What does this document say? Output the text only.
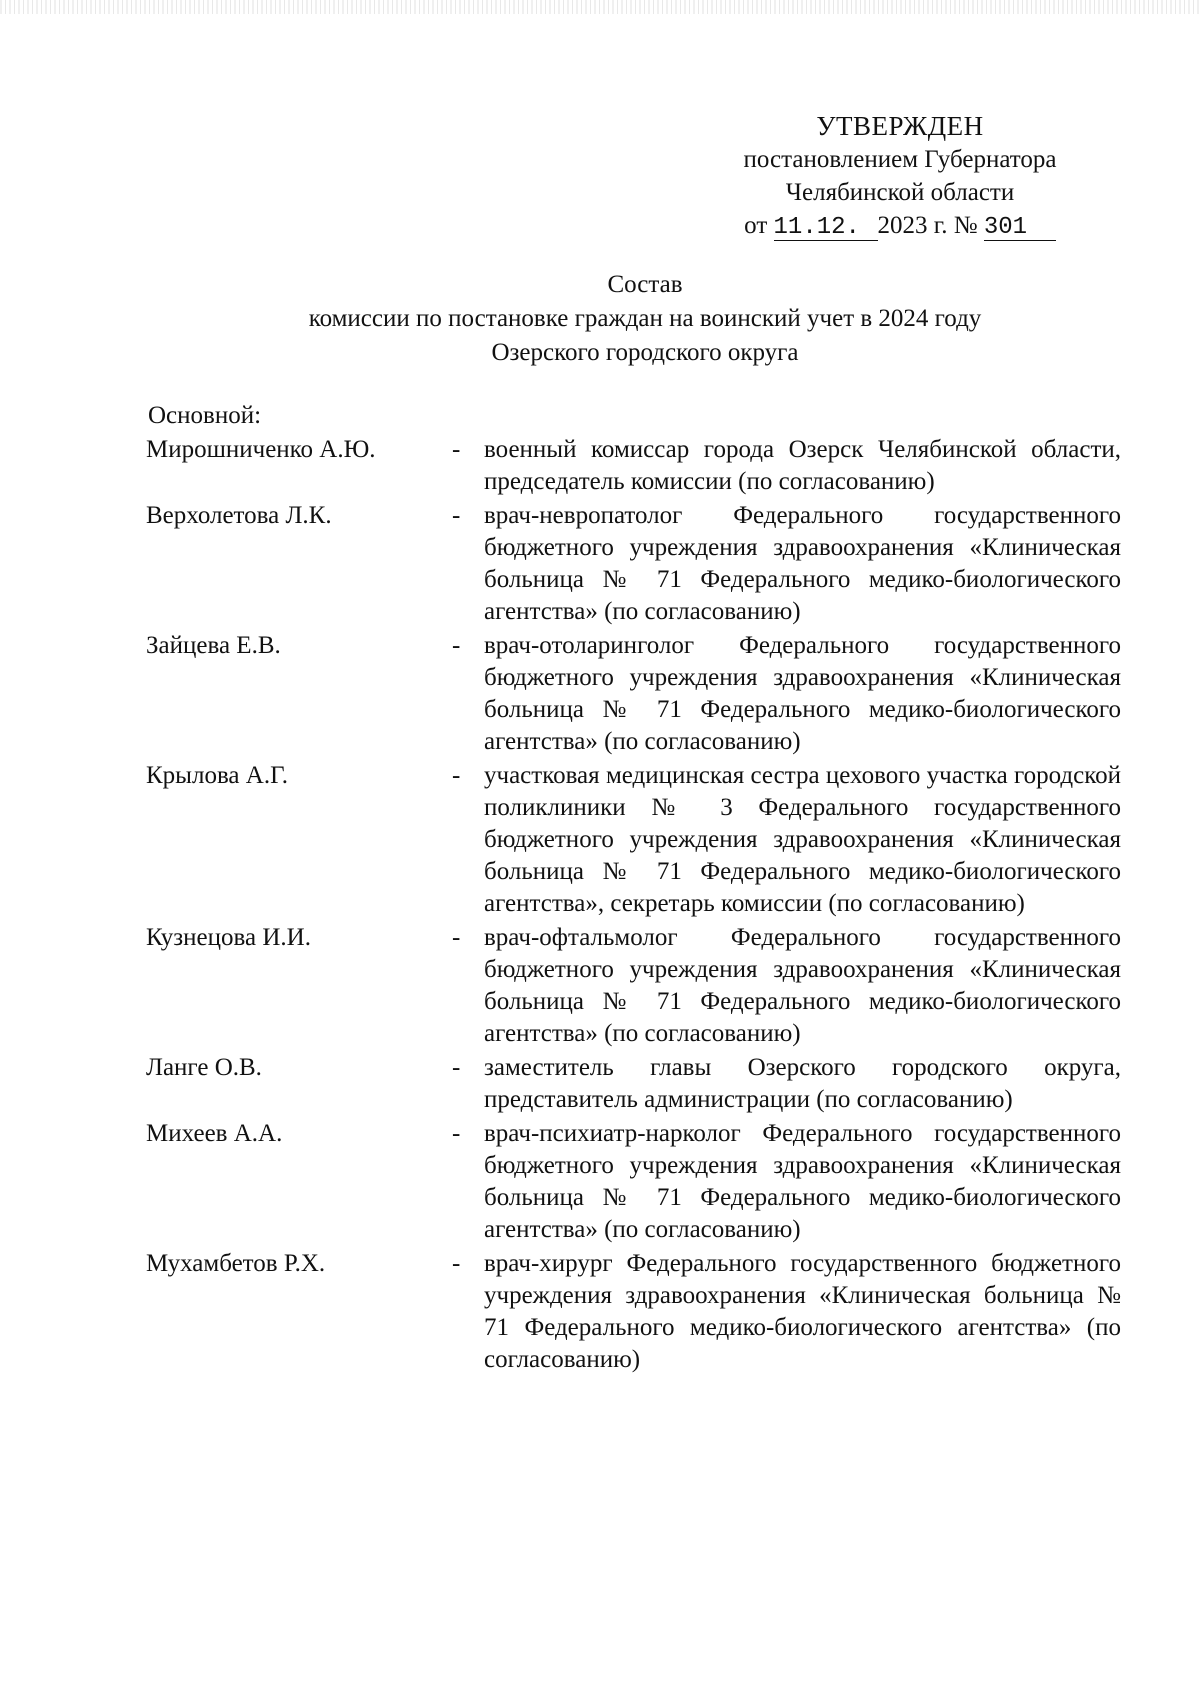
УТВЕРЖДЕН
постановлением Губернатора
Челябинской области
от 11.12. 2023 г. № 301
Состав
комиссии по постановке граждан на воинский учет в 2024 году
Озерского городского округа
Основной:
Мирошниченко А.Ю.	- военный комиссар города Озерск Челябинской области, председатель комиссии (по согласованию)
Верхолетова Л.К.	- врач-невропатолог Федерального государственного бюджетного учреждения здравоохранения «Клиническая больница № 71 Федерального медико-биологического агентства» (по согласованию)
Зайцева Е.В.	- врач-отоларинголог Федерального государственного бюджетного учреждения здравоохранения «Клиническая больница № 71 Федерального медико-биологического агентства» (по согласованию)
Крылова А.Г.	- участковая медицинская сестра цехового участка городской поликлиники № 3 Федерального государственного бюджетного учреждения здравоохранения «Клиническая больница № 71 Федерального медико-биологического агентства», секретарь комиссии (по согласованию)
Кузнецова И.И.	- врач-офтальмолог Федерального государственного бюджетного учреждения здравоохранения «Клиническая больница № 71 Федерального медико-биологического агентства» (по согласованию)
Ланге О.В.	- заместитель главы Озерского городского округа, представитель администрации (по согласованию)
Михеев А.А.	- врач-психиатр-нарколог Федерального государственного бюджетного учреждения здравоохранения «Клиническая больница № 71 Федерального медико-биологического агентства» (по согласованию)
Мухамбетов Р.Х.	- врач-хирург Федерального государственного бюджетного учреждения здравоохранения «Клиническая больница № 71 Федерального медико-биологического агентства» (по согласованию)
